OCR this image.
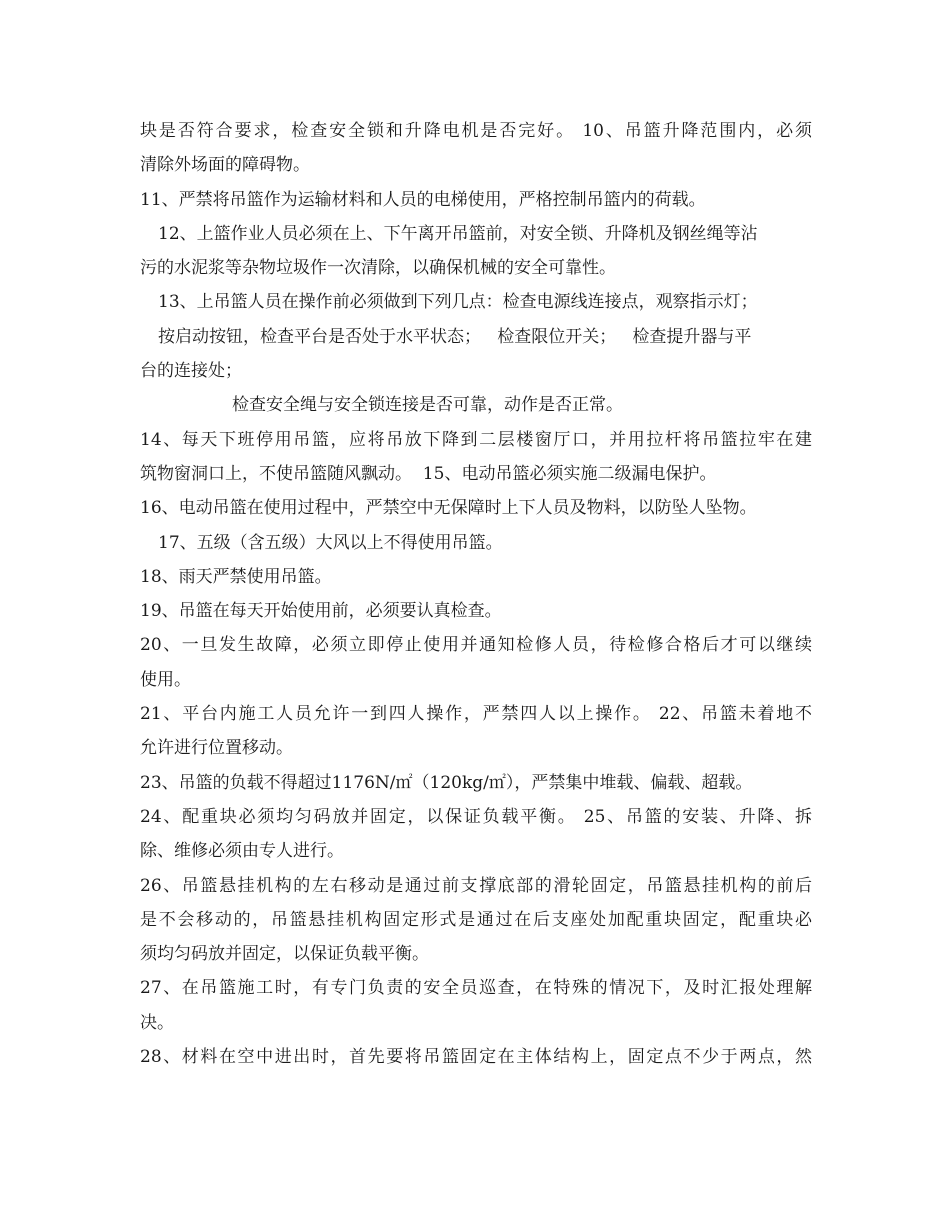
块是否符合要求，检查安全锁和升降电机是否完好。 10、吊篮升降范围内，必须
清除外场面的障碍物。
11、严禁将吊篮作为运输材料和人员的电梯使用，严格控制吊篮内的荷载。
12、上篮作业人员必须在上、下午离开吊篮前，对安全锁、升降机及钢丝绳等沾
污的水泥浆等杂物垃圾作一次清除，以确保机械的安全可靠性。
13、上吊篮人员在操作前必须做到下列几点：检查电源线连接点，观察指示灯；
按启动按钮，检查平台是否处于水平状态；   检查限位开关；   检查提升器与平
台的连接处；
检查安全绳与安全锁连接是否可靠，动作是否正常。
14、每天下班停用吊篮，应将吊放下降到二层楼窗厅口，并用拉杆将吊篮拉牢在建
筑物窗洞口上，不使吊篮随风飘动。  15、电动吊篮必须实施二级漏电保护。
16、电动吊篮在使用过程中，严禁空中无保障时上下人员及物料，以防坠人坠物。
17、五级（含五级）大风以上不得使用吊篮。
18、雨天严禁使用吊篮。
19、吊篮在每天开始使用前，必须要认真检查。
20、一旦发生故障，必须立即停止使用并通知检修人员，待检修合格后才可以继续
使用。
21、平台内施工人员允许一到四人操作，严禁四人以上操作。 22、吊篮未着地不
允许进行位置移动。
23、吊篮的负载不得超过1176N/㎡（120kg/㎡），严禁集中堆载、偏载、超载。
24、配重块必须均匀码放并固定，以保证负载平衡。 25、吊篮的安装、升降、拆
除、维修必须由专人进行。
26、吊篮悬挂机构的左右移动是通过前支撑底部的滑轮固定，吊篮悬挂机构的前后
是不会移动的，吊篮悬挂机构固定形式是通过在后支座处加配重块固定，配重块必
须均匀码放并固定，以保证负载平衡。
27、在吊篮施工时，有专门负责的安全员巡查，在特殊的情况下，及时汇报处理解
决。
28、材料在空中进出时，首先要将吊篮固定在主体结构上，固定点不少于两点，然
